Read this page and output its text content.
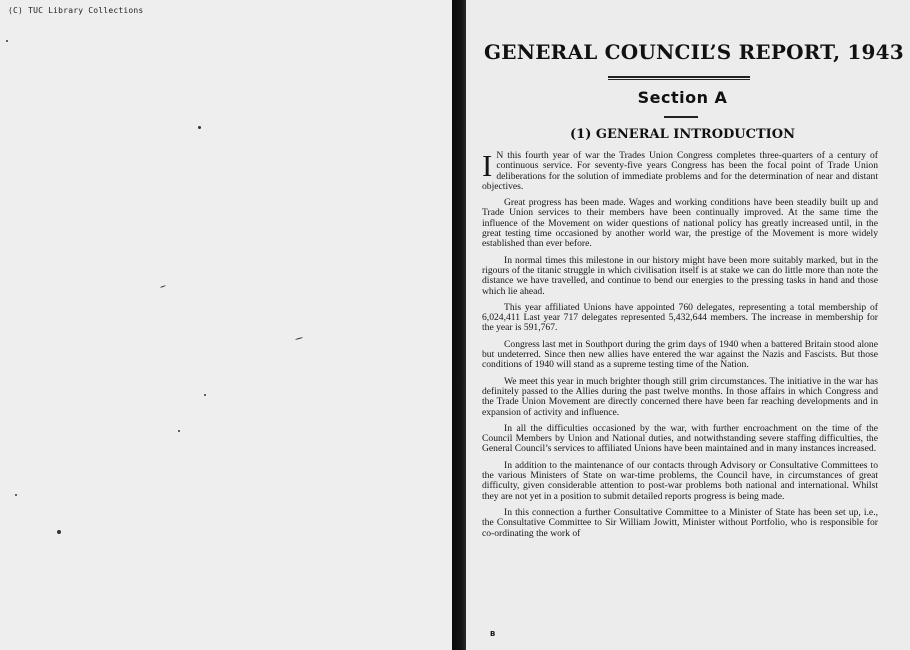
(C) TUC Library Collections
GENERAL COUNCIL’S REPORT, 1943
Section A
(1) GENERAL INTRODUCTION

I N this fourth year of war the Trades Union Congress completes three-quarters of a century of continuous service. For seventy-five years Congress has been the focal point of Trade Union deliberations for the solution of immediate problems and for the determination of near and distant objectives.

Great progress has been made. Wages and working conditions have been steadily built up and Trade Union services to their members have been continually improved. At the same time the influence of the Movement on wider questions of national policy has greatly increased until, in the great testing time occasioned by another world war, the prestige of the Movement is more widely established than ever before.

In normal times this milestone in our history might have been more suitably marked, but in the rigours of the titanic struggle in which civilisation itself is at stake we can do little more than note the distance we have travelled, and continue to bend our energies to the pressing tasks in hand and those which lie ahead.

This year affiliated Unions have appointed 760 delegates, representing a total membership of 6,024,411 Last year 717 delegates represented 5,432,644 members. The increase in membership for the year is 591,767.

Congress last met in Southport during the grim days of 1940 when a battered Britain stood alone but undeterred. Since then new allies have entered the war against the Nazis and Fascists. But those conditions of 1940 will stand as a supreme testing time of the Nation.

We meet this year in much brighter though still grim circumstances. The initiative in the war has definitely passed to the Allies during the past twelve months. In those affairs in which Congress and the Trade Union Movement are directly concerned there have been far reaching developments and in expansion of activity and influence.

In all the difficulties occasioned by the war, with further encroachment on the time of the Council Members by Union and National duties, and notwithstanding severe staffing difficulties, the General Council’s services to affiliated Unions have been maintained and in many instances increased.

In addition to the maintenance of our contacts through Advisory or Consultative Committees to the various Ministers of State on war-time problems, the Council have, in circumstances of great difficulty, given considerable attention to post-war problems both national and international. Whilst they are not yet in a position to submit detailed reports progress is being made.

In this connection a further Consultative Committee to a Minister of State has been set up, i.e., the Consultative Committee to Sir William Jowitt, Minister without Portfolio, who is responsible for co-ordinating the work of

B
